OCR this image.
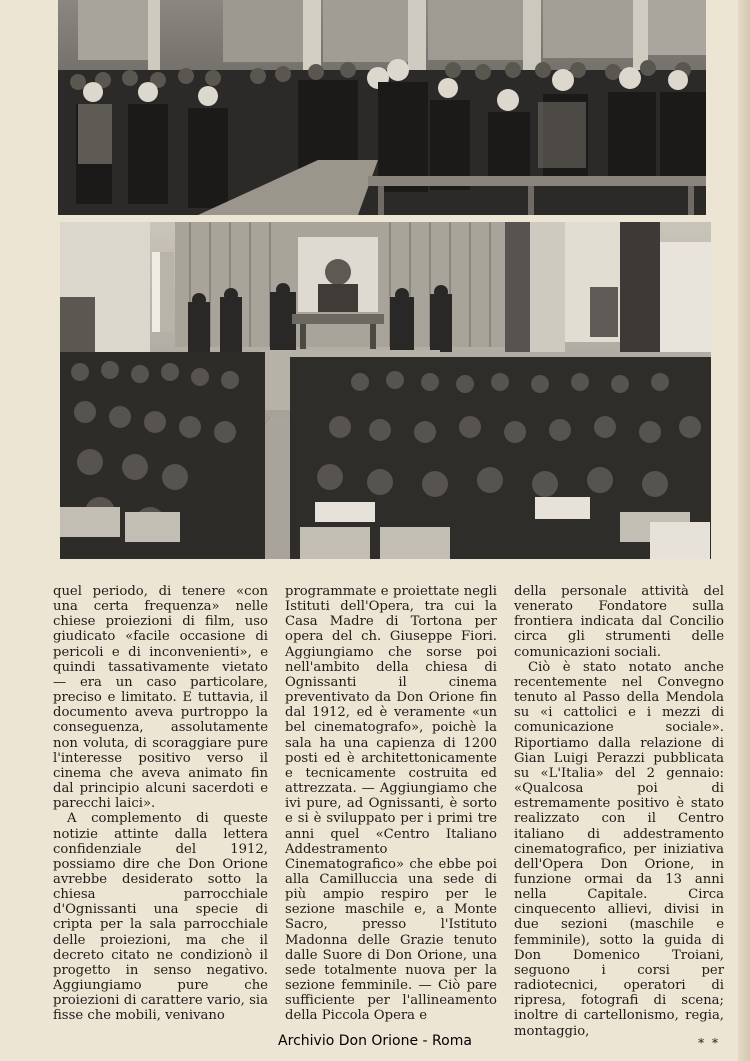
quel periodo, di tenere «con una certa frequenza» nelle chiese proiezioni di film, uso giudicato «facile occasione di pericoli e di inconvenienti», e quindi tassativamente vietato — era un caso particolare, preciso e limitato. E tuttavia, il documento aveva purtroppo la conseguenza, assolutamente non voluta, di scoraggiare pure l'interesse positivo verso il cinema che aveva animato fin dal principio alcuni sacerdoti e parecchi laici».

A complemento di queste notizie attinte dalla lettera confidenziale del 1912, possiamo dire che Don Orione avrebbe desiderato sotto la chiesa parrocchiale d'Ognissanti una specie di cripta per la sala parrocchiale delle proiezioni, ma che il decreto citato ne condizionò il progetto in senso negativo. Aggiungiamo pure che proiezioni di carattere vario, sia fisse che mobili, venivano

programmate e proiettate negli Istituti dell'Opera, tra cui la Casa Madre di Tortona per opera del ch. Giuseppe Fiori. Aggiungiamo che sorse poi nell'ambito della chiesa di Ognissanti il cinema preventivato da Don Orione fin dal 1912, ed è veramente «un bel cinematografo», poichè la sala ha una capienza di 1200 posti ed è architettonicamente e tecnicamente costruita ed attrezzata. — Aggiungiamo che ivi pure, ad Ognissanti, è sorto e si è sviluppato per i primi tre anni quel «Centro Italiano Addestramento Cinematografico» che ebbe poi alla Camilluccia una sede di più ampio respiro per le sezione maschile e, a Monte Sacro, presso l'Istituto Madonna delle Grazie tenuto dalle Suore di Don Orione, una sede totalmente nuova per la sezione femminile. — Ciò pare sufficiente per l'allineamento della Piccola Opera e

della personale attività del venerato Fondatore sulla frontiera indicata dal Concilio circa gli strumenti delle comunicazioni sociali.

Ciò è stato notato anche recentemente nel Convegno tenuto al Passo della Mendola su «i cattolici e i mezzi di comunicazione sociale». Riportiamo dalla relazione di Gian Luigi Perazzi pubblicata su «L'Italia» del 2 gennaio: «Qualcosa poi di estremamente positivo è stato realizzato con il Centro italiano di addestramento cinematografico, per iniziativa dell'Opera Don Orione, in funzione ormai da 13 anni nella Capitale. Circa cinquecento allievi, divisi in due sezioni (maschile e femminile), sotto la guida di Don Domenico Troiani, seguono i corsi per radiotecnici, operatori di ripresa, fotografi di scena; inoltre di cartellonismo, regia, montaggio,

* *
Archivio Don Orione - Roma
